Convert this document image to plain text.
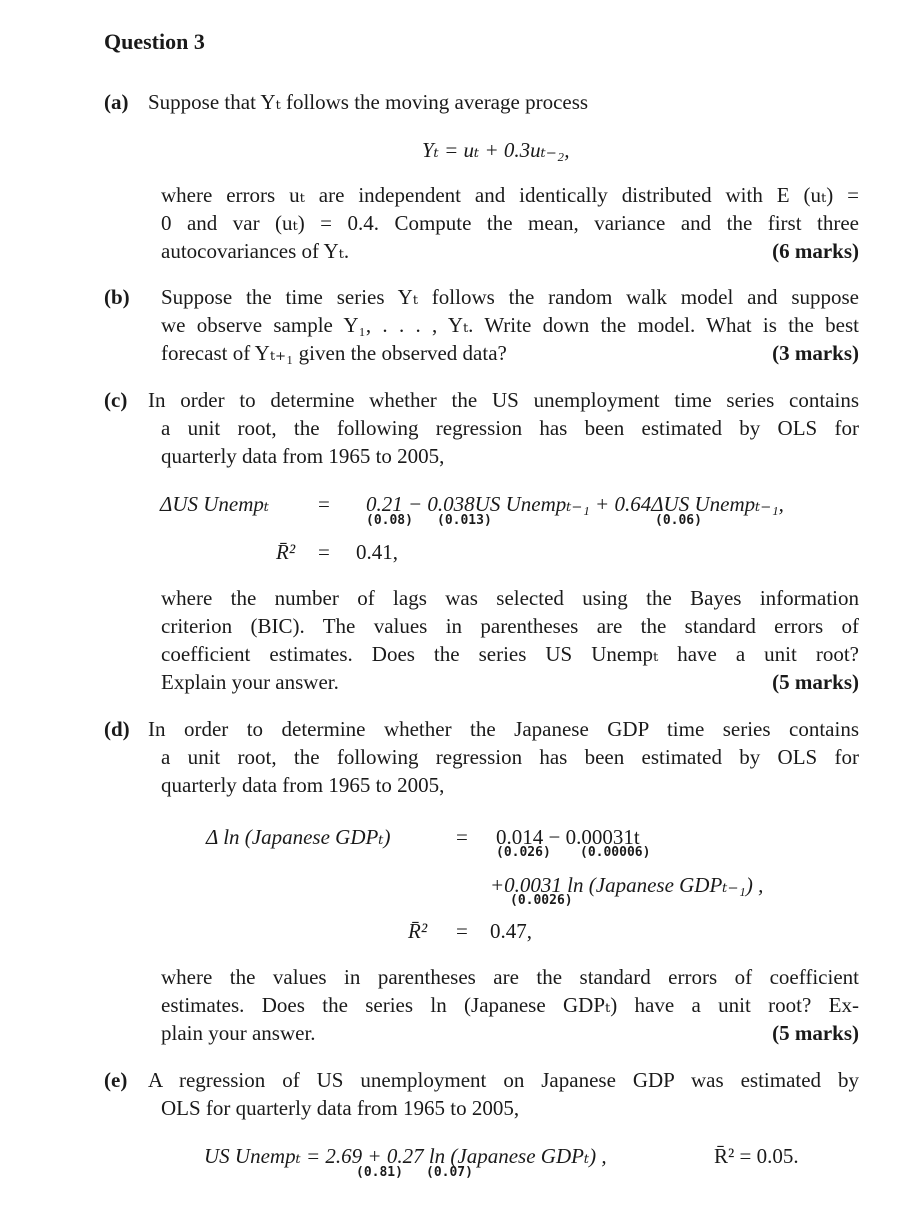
Question 3
(a) Suppose that Yₜ follows the moving average process
Yₜ = uₜ + 0.3uₜ₋₂,
where errors uₜ are independent and identically distributed with E (uₜ) =
0 and var (uₜ) = 0.4. Compute the mean, variance and the first three
autocovariances of Yₜ.	(6 marks)
(b) Suppose the time series Yₜ follows the random walk model and suppose
we observe sample Y₁, . . . , Yₜ. Write down the model. What is the best
forecast of Yₜ₊₁ given the observed data?	(3 marks)
(c) In order to determine whether the US unemployment time series contains
a unit root, the following regression has been estimated by OLS for
quarterly data from 1965 to 2005,
ΔUS Unempₜ = 0.21 − 0.038US Unempₜ₋₁ + 0.64ΔUS Unempₜ₋₁,
(0.08) (0.013)	(0.06)
R̄² = 0.41,
where the number of lags was selected using the Bayes information
criterion (BIC). The values in parentheses are the standard errors of
coefficient estimates. Does the series US Unempₜ have a unit root?
Explain your answer.	(5 marks)
(d) In order to determine whether the Japanese GDP time series contains
a unit root, the following regression has been estimated by OLS for
quarterly data from 1965 to 2005,
Δ ln (Japanese GDPₜ)	= 0.014 − 0.00031t
(0.026) (0.00006)
+0.0031 ln (Japanese GDPₜ₋₁) ,
(0.0026)
R̄² = 0.47,
where the values in parentheses are the standard errors of coefficient
estimates. Does the series ln (Japanese GDPₜ) have a unit root? Ex-
plain your answer.	(5 marks)
(e) A regression of US unemployment on Japanese GDP was estimated by
OLS for quarterly data from 1965 to 2005,
US Unempₜ = 2.69 + 0.27 ln (Japanese GDPₜ) ,
(0.81) (0.07)
R̄² = 0.05.
